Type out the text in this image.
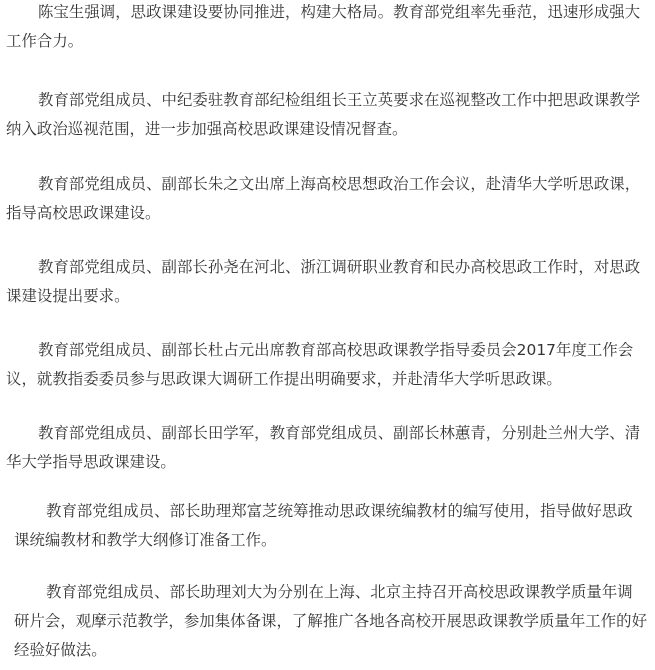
陈宝生强调，思政课建设要协同推进，构建大格局。教育部党组率先垂范，迅速形成强大工作合力。

教育部党组成员、中纪委驻教育部纪检组组长王立英要求在巡视整改工作中把思政课教学纳入政治巡视范围，进一步加强高校思政课建设情况督查。

教育部党组成员、副部长朱之文出席上海高校思想政治工作会议，赴清华大学听思政课，指导高校思政课建设。

教育部党组成员、副部长孙尧在河北、浙江调研职业教育和民办高校思政工作时，对思政课建设提出要求。

教育部党组成员、副部长杜占元出席教育部高校思政课教学指导委员会2017年度工作会议，就教指委委员参与思政课大调研工作提出明确要求，并赴清华大学听思政课。

教育部党组成员、副部长田学军，教育部党组成员、副部长林蕙青，分别赴兰州大学、清华大学指导思政课建设。

教育部党组成员、部长助理郑富芝统筹推动思政课统编教材的编写使用，指导做好思政课统编教材和教学大纲修订准备工作。

教育部党组成员、部长助理刘大为分别在上海、北京主持召开高校思政课教学质量年调研片会，观摩示范教学，参加集体备课，了解推广各地各高校开展思政课教学质量年工作的好经验好做法。
